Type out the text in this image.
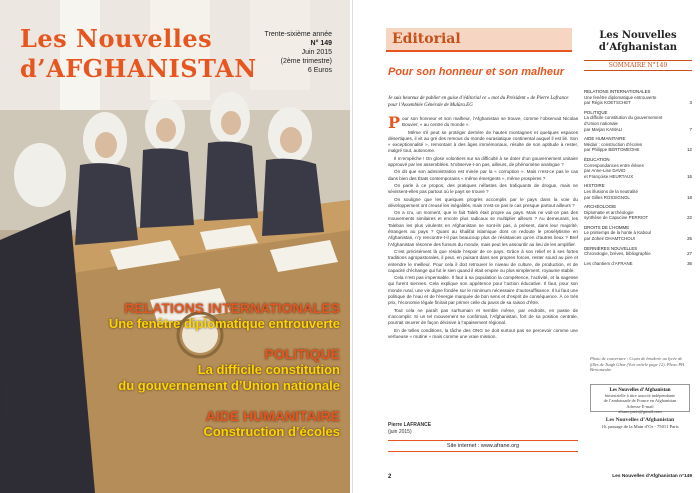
Les Nouvelles
d’AFGHANISTAN
Trente-sixième année
N° 149
Juin 2015
(2ème trimestre)
6 Euros
ISSN 0988-8759
RELATIONS INTERNATIONALES
Une fenêtre diplomatique entrouverte
POLITIQUE
La difficile constitution
du gouvernement d’Union nationale
AIDE HUMANITAIRE
Construction d’écoles
Editorial
Pour son honneur et son malheur
Je suis heureux de publier en guise d’éditorial ce « mot du Président » de Pierre Lafrance pour l’Assemblée Générale de Mulûra.EG

Pour son honneur et son malheur, l’Afghanistan se trouve, comme l’observait Nicolas Bouvier, « au centre du monde ».

Même s’il peut se protéger derrière de hautes montagnes et quelques espaces désertiques, il vit au gré des remous du monde eurasiatique continental auquel il est lié. Son « exceptionnalité », remontant à des âges immémoriaux, résulte de son aptitude à rester, malgré tout, autonome.

Il m’empêche ! On glose volontiers sur sa difficulté à se doter d’un gouvernement unitaire approuvé par les assemblées. N’observe-t-on pas, ailleurs, de phénomène analogue ?

On dit que son administration est minée par la « corruption ». Mais n’est-ce pas le cas dans bien des États contemporains « même émergents », même prospères ?

On parle à ce propos, des pratiques néfastes des trafiquants de drogue, mais ne sévissent-elles pas partout où le pays se trouve ?

On souligne que les quelques progrès accomplis par le pays dans la voie du développement ont creusé les inégalités, mais n’est-ce pas le cas presque partout ailleurs ?

On a cru, un moment, que le fait Taleb était propre au pays. Mais ne voit-on pas des mouvements similaires et encore plus radicaux se multiplier ailleurs ? Au demeurant, les Taleban les plus virulents en Afghanistan ne sont-ils pas, à présent, dans leur majorité, étrangers au pays ? Quant au khalifat islamique dont on redoute le prosélytisme en Afghanistan, n’y rencontre-t-il pas beaucoup plus de résistances qu’en d’autres lieux ? Bref l’Afghanistan résonne des fureurs du monde, mais peut les assourdir au lieu de les amplifier.

C’est précisément là que réside l’espoir de ce pays. Grâce à son relief et à ses fortes traditions agropastorales, il peut, en puisant dans ses propres forces, rester sourd au pire et entendre le meilleur. Pour cela il doit retrouver le niveau de culture, de production, et de capacité d’échange qui fut le sien quand il était empire ou plus simplement, royaume stable.

Cela n’est pas impensable. Il faut à sa population la compétence, l’activité, et la sagesse qui furent siennes. Cela explique son appétence pour l’action éducative. Il faut, pour son monde rural, une vie digne fondée sur le minimum nécessaire d’autosuffisance. Il lui faut une politique de l’eau et de l’énergie marquée de bon sens et d’esprit de conséquence. À ce très prix, l’économie légale finirait par primer celle du pavot de sa raison d’être.

Tout cela ne paraît pas surhumain et semble même, par endroits, en passe de s’accomplir. Si un tel mouvement se confirmait, l’Afghanistan, fort de sa position centrale, pourrait œuvrer de façon décisive à l’apaisement régional.

En de telles conditions, la tâche des ONG ne doit surtout pas se percevoir comme une vertueuse « routine » mais comme une vraie mission.

Pierre LAFRANCE
(juin 2015)
Site internet : www.afrane.org
2
Les Nouvelles
d’Afghanistan
SOMMAIRE N°149
RELATIONS INTERNATIONALES
Une fenêtre diplomatique entrouverte
par Régis KOETSCHET	3
POLITIQUE
La difficile constitution du gouvernement
d’Union nationale
par Marjan KAMALI	7
AIDE HUMANITAIRE
Médair : construction d’écoles
par Philippe BERTOMEOHE	12
ÉDUCATION
Correspondances entre élèves
par Anne-Lise DAVID
et Françoise HEURTAUX	16
HISTOIRE
Les illusions de la neutralité
par Gilles ROSSIGNOL	18
ARCHÉOLOGIE
Diplomatie et archéologie
synthèse de Capucine PERRIOT	22
DROITS DE L’HOMME
Le printemps de la honte à Kaboul
par Zoheir DHAMTCHOUI	25
DERNIÈRES NOUVELLES
Chronologie, brèves, bibliographie	27
Les chantiers d’AFRANE	36
Photo de couverture : Cours de broderie au lycée de filles de Tsagh Ghar (Voir article page 12). Photo PH. Bertomeohe
Les Nouvelles d’Afghanistan
bimestrielle à titre associé indépendante
de l’ambassade de France en Afghanistan
Adresse E-mail
afrane.paris@gmail.com
Les Nouvelles d’Afghanistan
16, passage de la Main d’Or - 75011 Paris
Les Nouvelles d’Afghanistan n°149
